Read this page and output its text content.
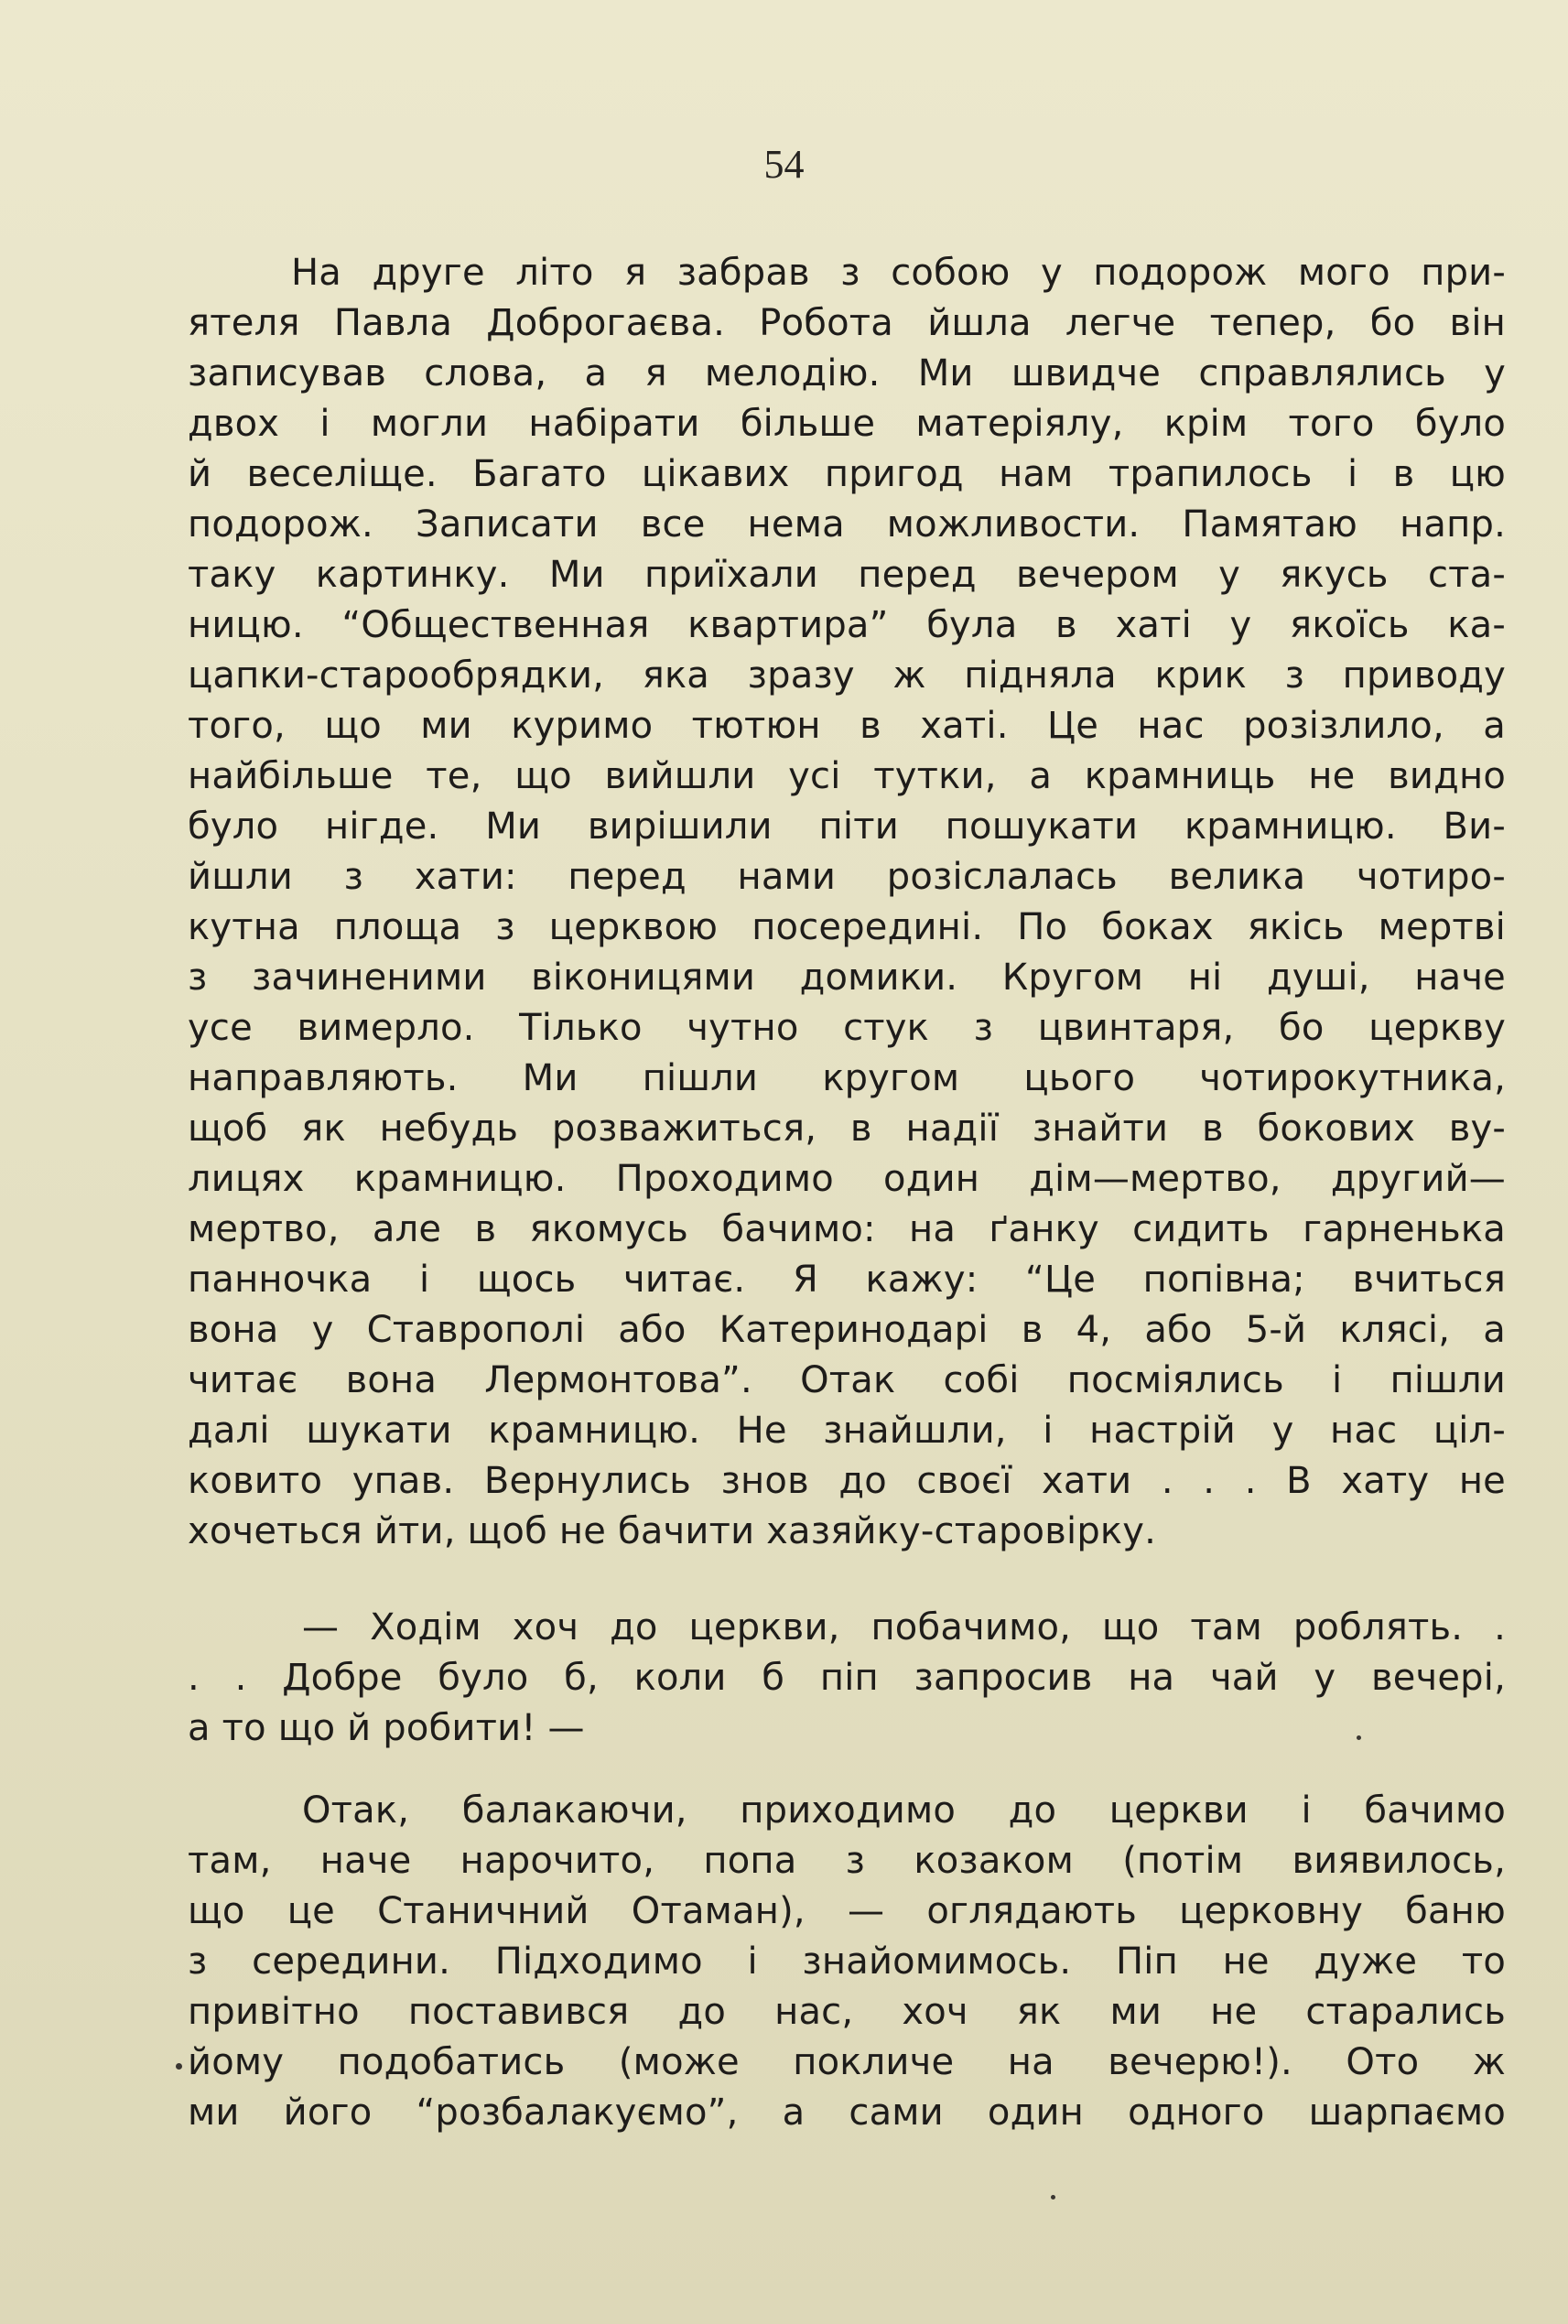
54
На друге літо я забрав з собою у подорож мого при-
ятеля Павла Доброгаєва. Робота йшла легче тепер, бо він
записував слова, а я мелодію. Ми швидче справлялись у
двох і могли набірати більше матеріялу, крім того було
й веселіще. Багато цікавих пригод нам трапилось і в цю
подорож. Записати все нема можливости. Памятаю напр.
таку картинку. Ми приїхали перед вечером у якусь ста-
ницю. “Общественная квартира” була в хаті у якоїсь ка-
цапки-старообрядки, яка зразу ж підняла крик з приводу
того, що ми куримо тютюн в хаті. Це нас розізлило, а
найбільше те, що вийшли усі тутки, а крамниць не видно
було нігде. Ми вирішили піти пошукати крамницю. Ви-
йшли з хати: перед нами розіслалась велика чотиро-
кутна площа з церквою посередині. По боках якісь мертві
з зачиненими віконицями домики. Кругом ні душі, наче
усе вимерло. Тілько чутно стук з цвинтаря, бо церкву
направляють. Ми пішли кругом цього чотирокутника,
щоб як небудь розважиться, в надії знайти в бокових ву-
лицях крамницю. Проходимо один дім—мертво, другий—
мертво, але в якомусь бачимо: на ґанку сидить гарненька
панночка і щось читає. Я кажу: “Це попівна; вчиться
вона у Ставрополі або Катеринодарі в 4, або 5-й клясі, а
читає вона Лермонтова”. Отак собі посміялись і пішли
далі шукати крамницю. Не знайшли, і настрій у нас ціл-
ковито упав. Вернулись знов до своєї хати . . . В хату не
хочеться йти, щоб не бачити хазяйку-старовірку.
— Ходім хоч до церкви, побачимо, що там роблять. .
. . Добре було б, коли б піп запросив на чай у вечері,
а то що й робити! —
Отак, балакаючи, приходимо до церкви і бачимо
там, наче нарочито, попа з козаком (потім виявилось,
що це Станичний Отаман), — оглядають церковну баню
з середини. Підходимо і знайомимось. Піп не дуже то
привітно поставився до нас, хоч як ми не старались
йому подобатись (може покличе на вечерю!). Ото ж
ми його “розбалакуємо”, а сами один одного шарпаємо
